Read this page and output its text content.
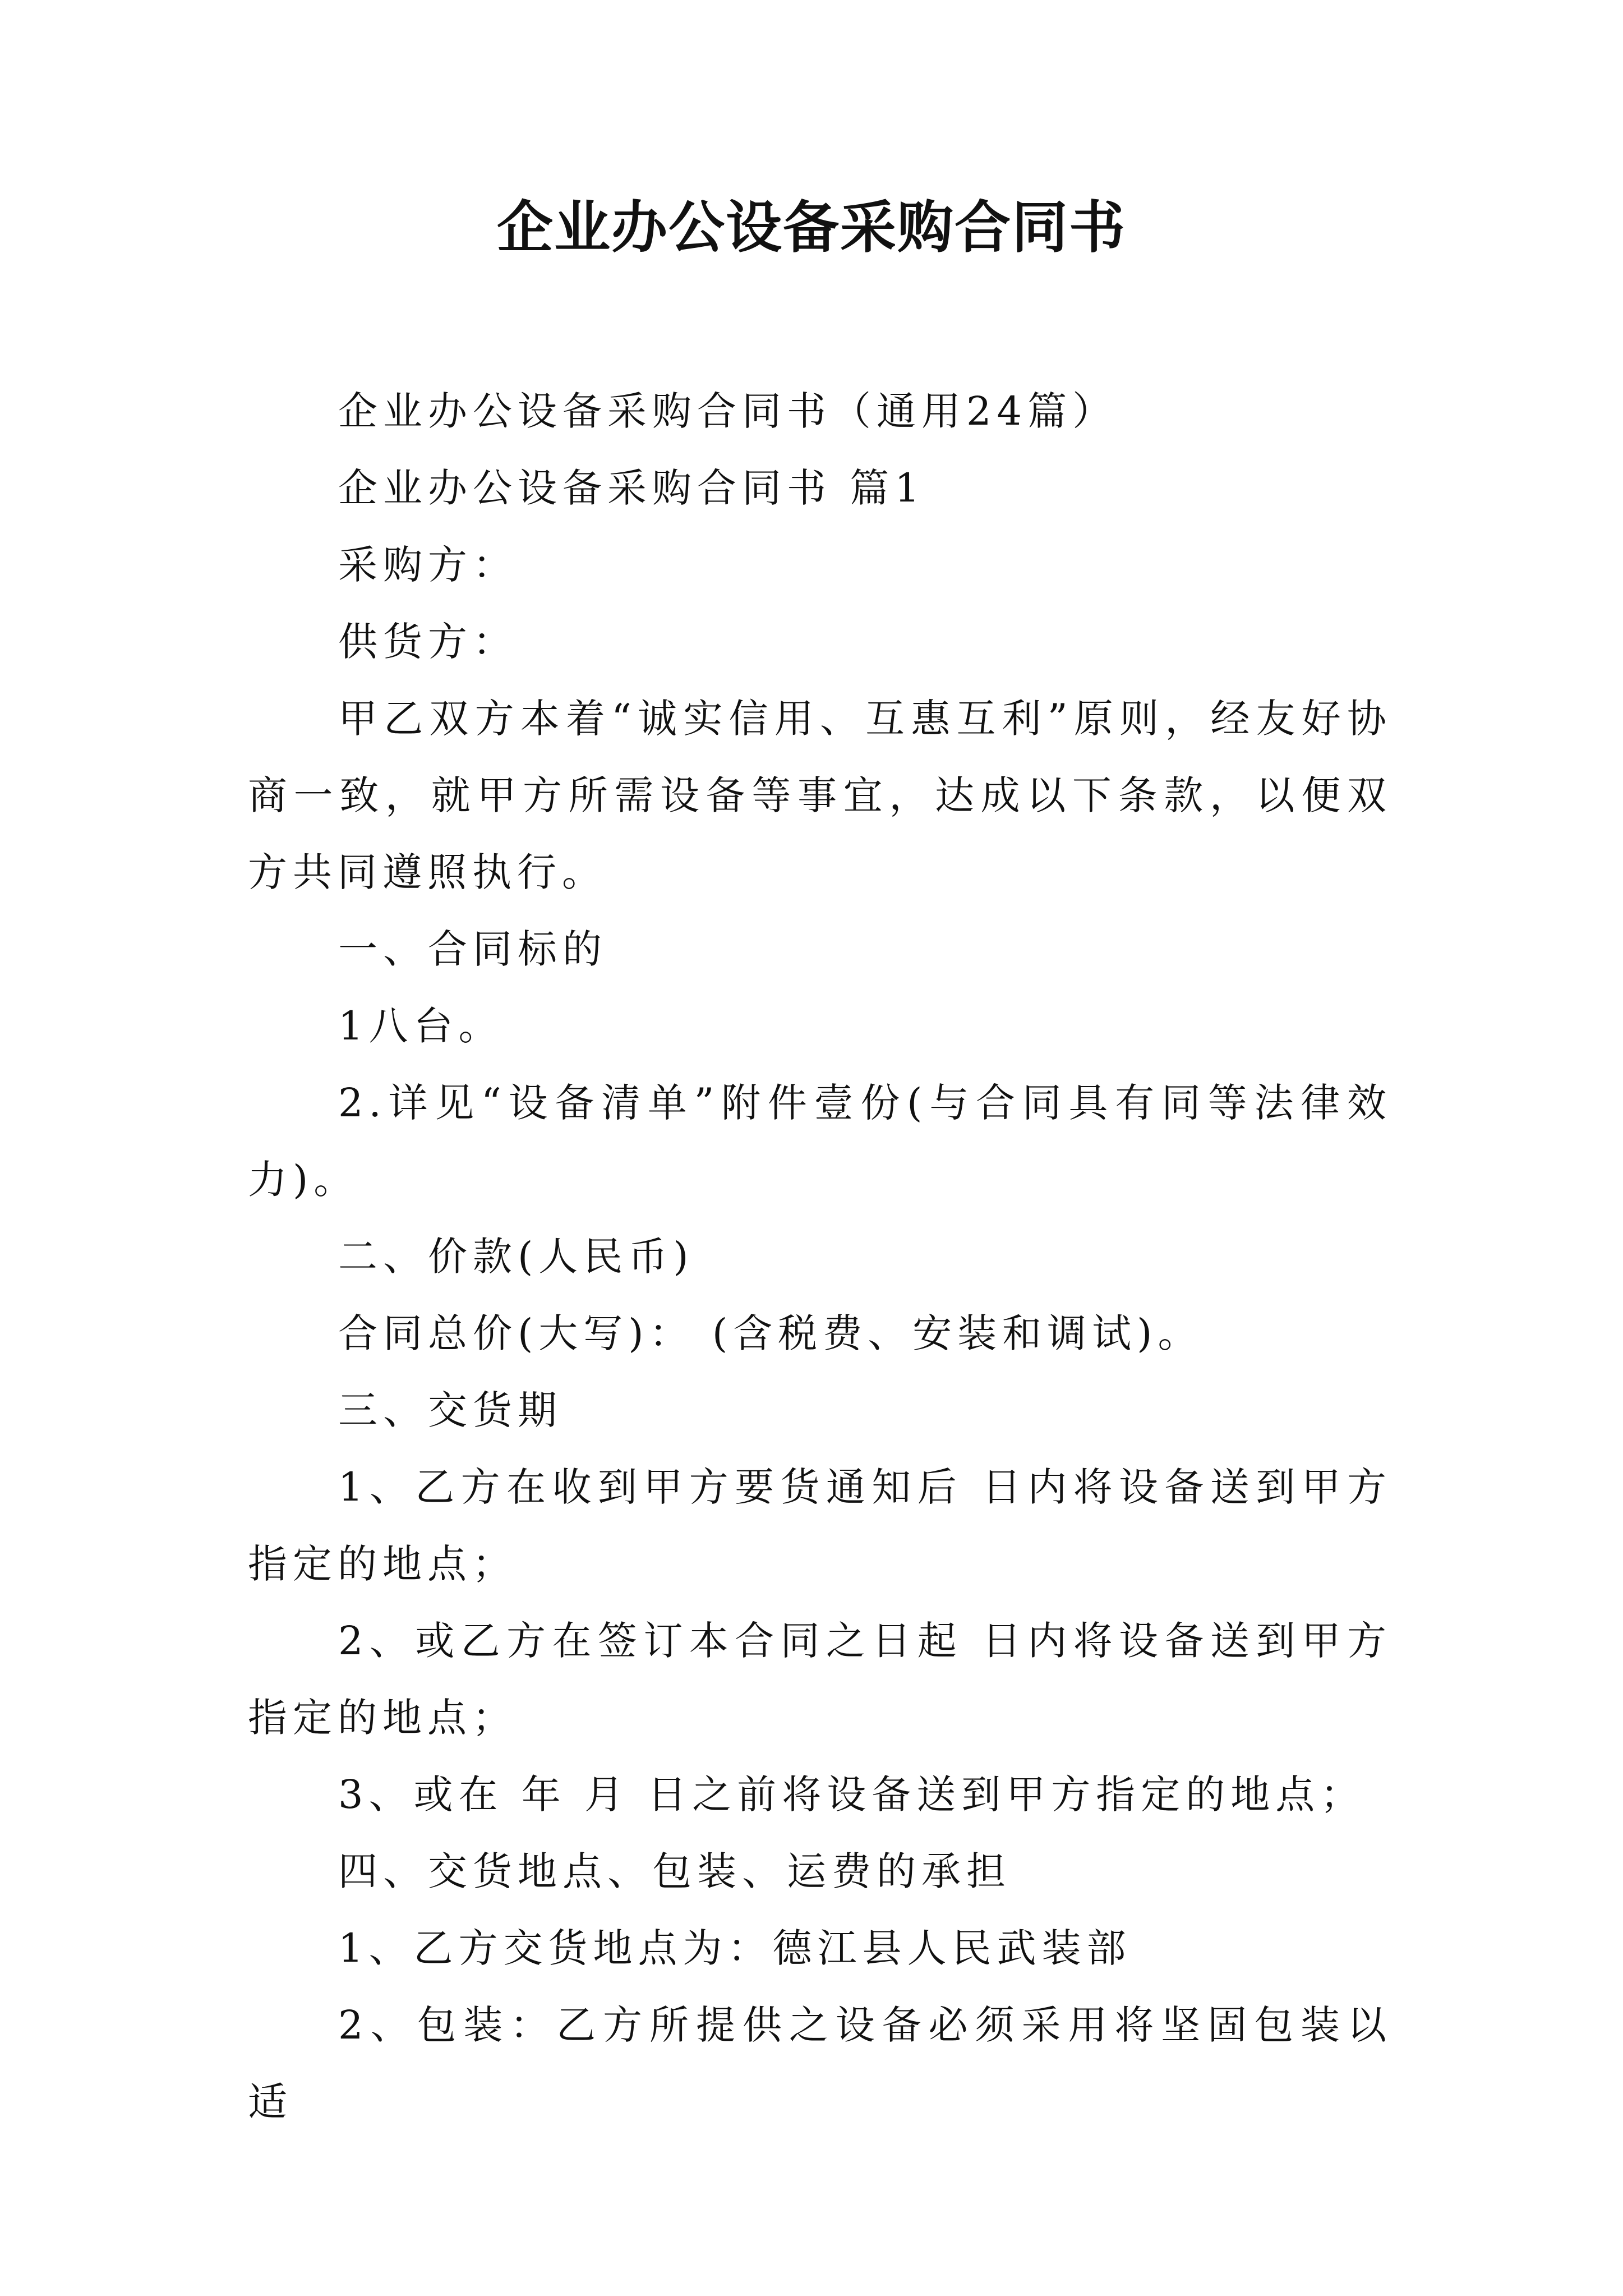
企业办公设备采购合同书

企业办公设备采购合同书（通用24篇）

企业办公设备采购合同书 篇1

采购方：

供货方：

甲乙双方本着“诚实信用、互惠互利”原则，经友好协商一致，就甲方所需设备等事宜，达成以下条款，以便双方共同遵照执行。

一、合同标的

1八台。

2.详见“设备清单”附件壹份(与合同具有同等法律效力)。

二、价款(人民币)

合同总价(大写)： (含税费、安装和调试)。

三、交货期

1、乙方在收到甲方要货通知后 日内将设备送到甲方指定的地点；

2、或乙方在签订本合同之日起 日内将设备送到甲方指定的地点；

3、或在 年 月 日之前将设备送到甲方指定的地点；

四、交货地点、包装、运费的承担

1、乙方交货地点为：德江县人民武装部

2、包装：乙方所提供之设备必须采用将坚固包装以适
